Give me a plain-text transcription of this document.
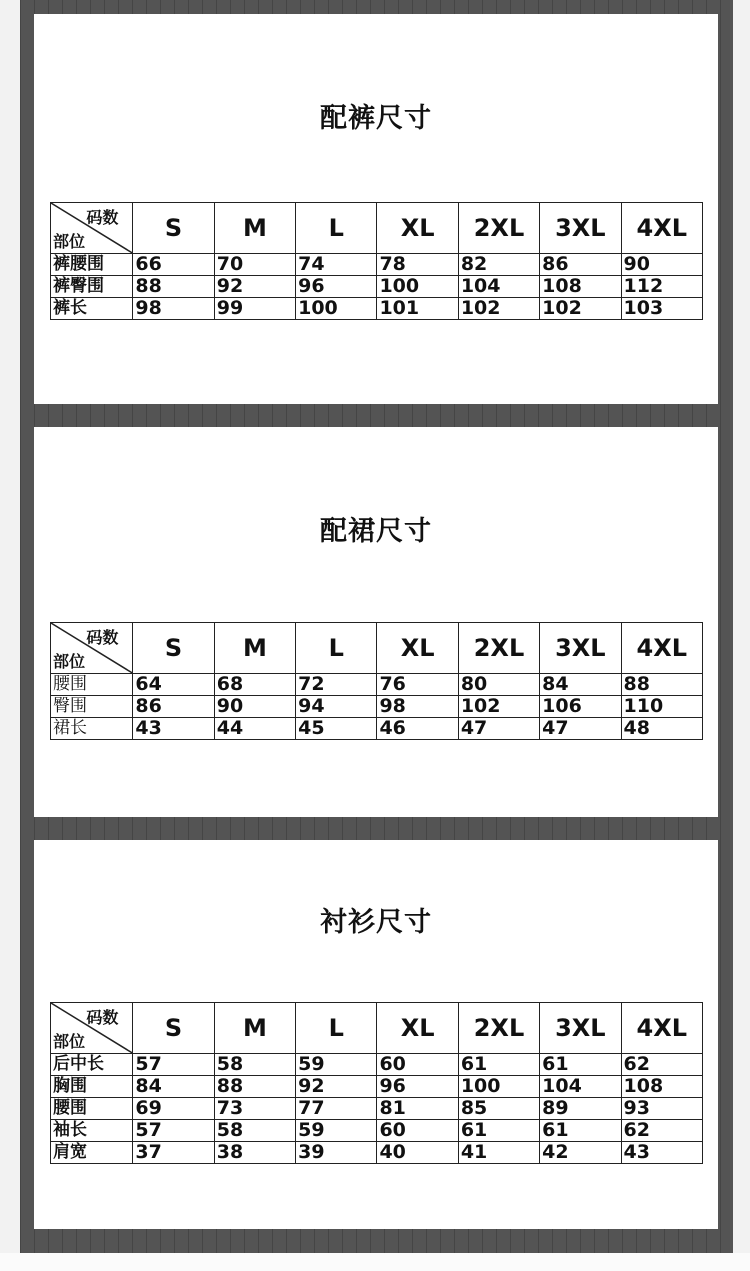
配裤尺寸
码数
部位	S	M	L	XL	2XL	3XL	4XL
裤腰围	66	70	74	78	82	86	90
裤臀围	88	92	96	100	104	108	112
裤长	98	99	100	101	102	102	103
配裙尺寸
码数
部位	S	M	L	XL	2XL	3XL	4XL
腰围	64	68	72	76	80	84	88
臀围	86	90	94	98	102	106	110
裙长	43	44	45	46	47	47	48
衬衫尺寸
码数
部位	S	M	L	XL	2XL	3XL	4XL
后中长	57	58	59	60	61	61	62
胸围	84	88	92	96	100	104	108
腰围	69	73	77	81	85	89	93
袖长	57	58	59	60	61	61	62
肩宽	37	38	39	40	41	42	43
